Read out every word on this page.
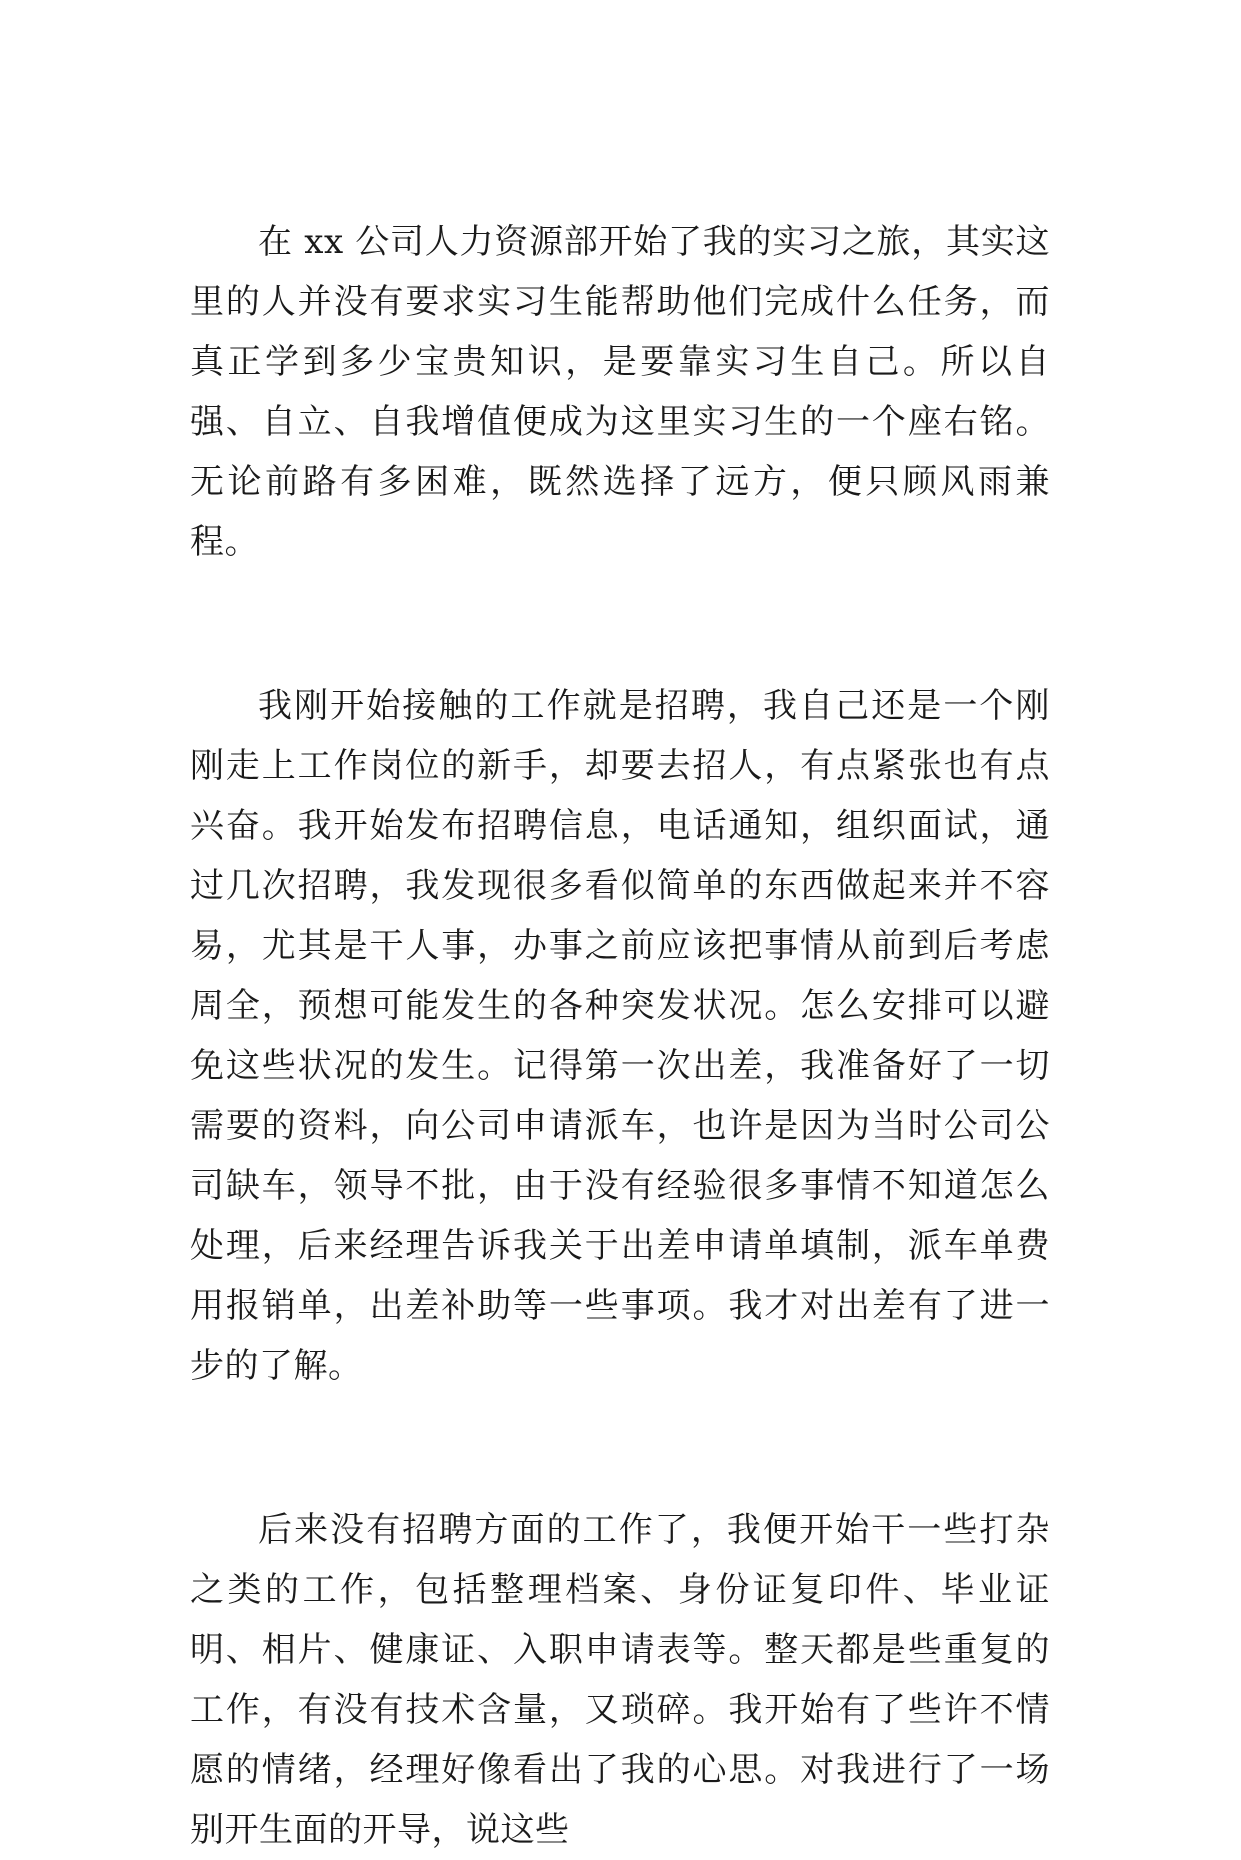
在 xx 公司人力资源部开始了我的实习之旅，其实这里的人并没有要求实习生能帮助他们完成什么任务，而真正学到多少宝贵知识，是要靠实习生自己。所以自强、自立、自我增值便成为这里实习生的一个座右铭。无论前路有多困难，既然选择了远方，便只顾风雨兼程。

我刚开始接触的工作就是招聘，我自己还是一个刚刚走上工作岗位的新手，却要去招人，有点紧张也有点兴奋。我开始发布招聘信息，电话通知，组织面试，通过几次招聘，我发现很多看似简单的东西做起来并不容易，尤其是干人事，办事之前应该把事情从前到后考虑周全，预想可能发生的各种突发状况。怎么安排可以避免这些状况的发生。记得第一次出差，我准备好了一切需要的资料，向公司申请派车，也许是因为当时公司公司缺车，领导不批，由于没有经验很多事情不知道怎么处理，后来经理告诉我关于出差申请单填制，派车单费用报销单，出差补助等一些事项。我才对出差有了进一步的了解。

后来没有招聘方面的工作了，我便开始干一些打杂之类的工作，包括整理档案、身份证复印件、毕业证明、相片、健康证、入职申请表等。整天都是些重复的工作，有没有技术含量，又琐碎。我开始有了些许不情愿的情绪，经理好像看出了我的心思。对我进行了一场别开生面的开导，说这些
